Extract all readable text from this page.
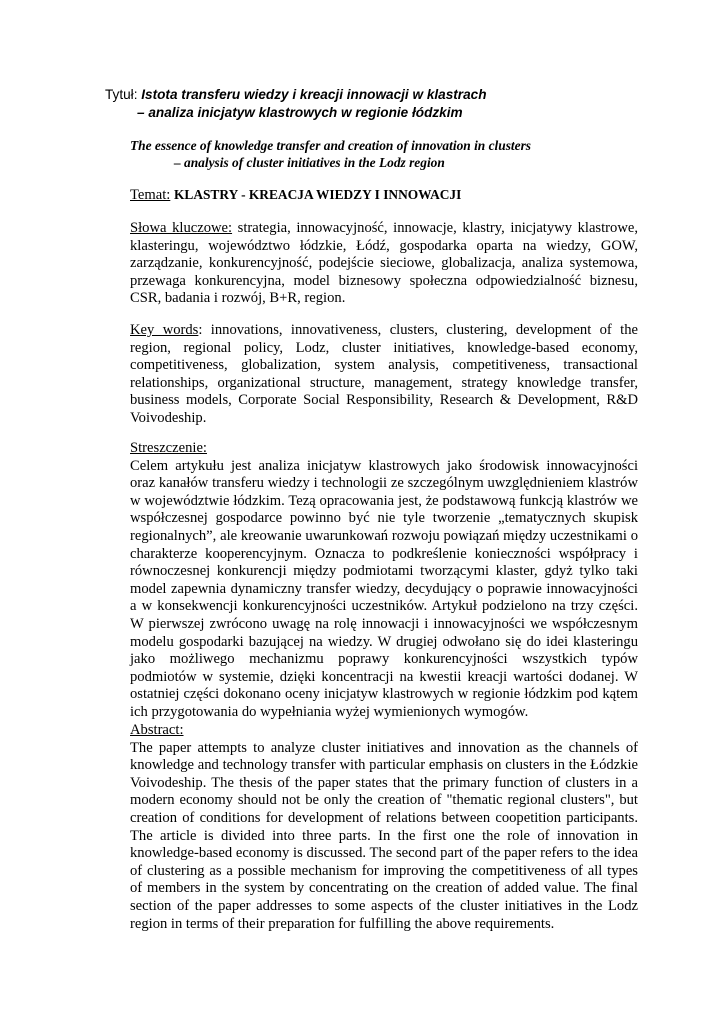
Tytuł: Istota transferu wiedzy i kreacji innowacji w klastrach
– analiza inicjatyw klastrowych w regionie łódzkim
The essence of knowledge transfer and creation of innovation in clusters
– analysis of cluster initiatives in the Lodz region
Temat: KLASTRY - KREACJA WIEDZY I INNOWACJI
Słowa kluczowe: strategia, innowacyjność, innowacje, klastry, inicjatywy klastrowe, klasteringu, województwo łódzkie, Łódź, gospodarka oparta na wiedzy, GOW, zarządzanie, konkurencyjność, podejście sieciowe, globalizacja, analiza systemowa, przewaga konkurencyjna, model biznesowy społeczna odpowiedzialność biznesu, CSR, badania i rozwój, B+R, region.
Key words: innovations, innovativeness, clusters, clustering, development of the region, regional policy, Lodz, cluster initiatives, knowledge-based economy, competitiveness, globalization, system analysis, competitiveness, transactional relationships, organizational structure, management, strategy knowledge transfer, business models, Corporate Social Responsibility, Research & Development, R&D Voivodeship.
Streszczenie:
Celem artykułu jest analiza inicjatyw klastrowych jako środowisk innowacyjności oraz kanałów transferu wiedzy i technologii ze szczególnym uwzględnieniem klastrów w województwie łódzkim. Tezą opracowania jest, że podstawową funkcją klastrów we współczesnej gospodarce powinno być nie tyle tworzenie „tematycznych skupisk regionalnych”, ale kreowanie uwarunkowań rozwoju powiązań między uczestnikami o charakterze kooperencyjnym. Oznacza to podkreślenie konieczności współpracy i równoczesnej konkurencji między podmiotami tworzącymi klaster, gdyż tylko taki model zapewnia dynamiczny transfer wiedzy, decydujący o poprawie innowacyjności a w konsekwencji konkurencyjności uczestników. Artykuł podzielono na trzy części. W pierwszej zwrócono uwagę na rolę innowacji i innowacyjności we współczesnym modelu gospodarki bazującej na wiedzy. W drugiej odwołano się do idei klasteringu jako możliwego mechanizmu poprawy konkurencyjności wszystkich typów podmiotów w systemie, dzięki koncentracji na kwestii kreacji wartości dodanej. W ostatniej części dokonano oceny inicjatyw klastrowych w regionie łódzkim pod kątem ich przygotowania do wypełniania wyżej wymienionych wymogów.
Abstract:
The paper attempts to analyze cluster initiatives and innovation as the channels of knowledge and technology transfer with particular emphasis on clusters in the Łódzkie Voivodeship. The thesis of the paper states that the primary function of clusters in a modern economy should not be only the creation of "thematic regional clusters", but creation of conditions for development of relations between coopetition participants. The article is divided into three parts. In the first one the role of innovation in knowledge-based economy is discussed. The second part of the paper refers to the idea of clustering as a possible mechanism for improving the competitiveness of all types of members in the system by concentrating on the creation of added value. The final section of the paper addresses to some aspects of the cluster initiatives in the Lodz region in terms of their preparation for fulfilling the above requirements.
